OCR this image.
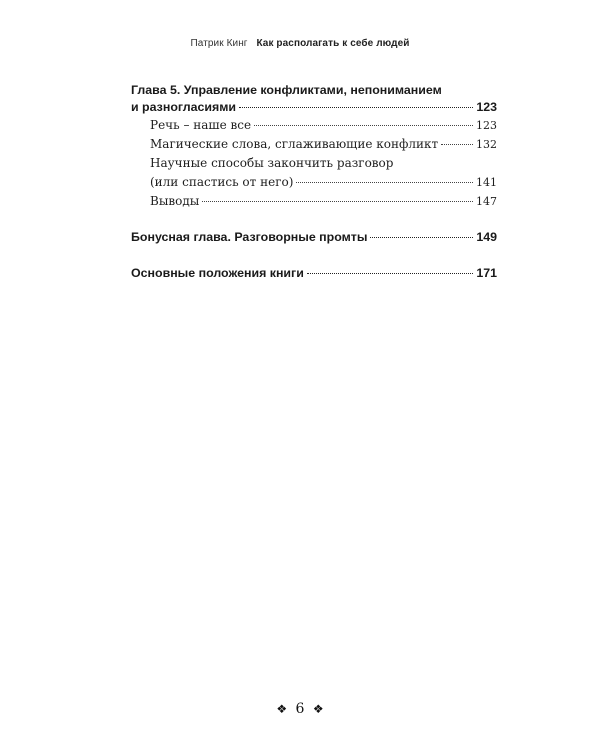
Патрик Кинг Как располагать к себе людей
Глава 5. Управление конфликтами, непониманием
и разногласиями	123
Речь – наше все	123
Магические слова, сглаживающие конфликт	132
Научные способы закончить разговор
(или спастись от него)	141
Выводы	147
Бонусная глава. Разговорные промты	149
Основные положения книги	171
❖ 6 ❖
